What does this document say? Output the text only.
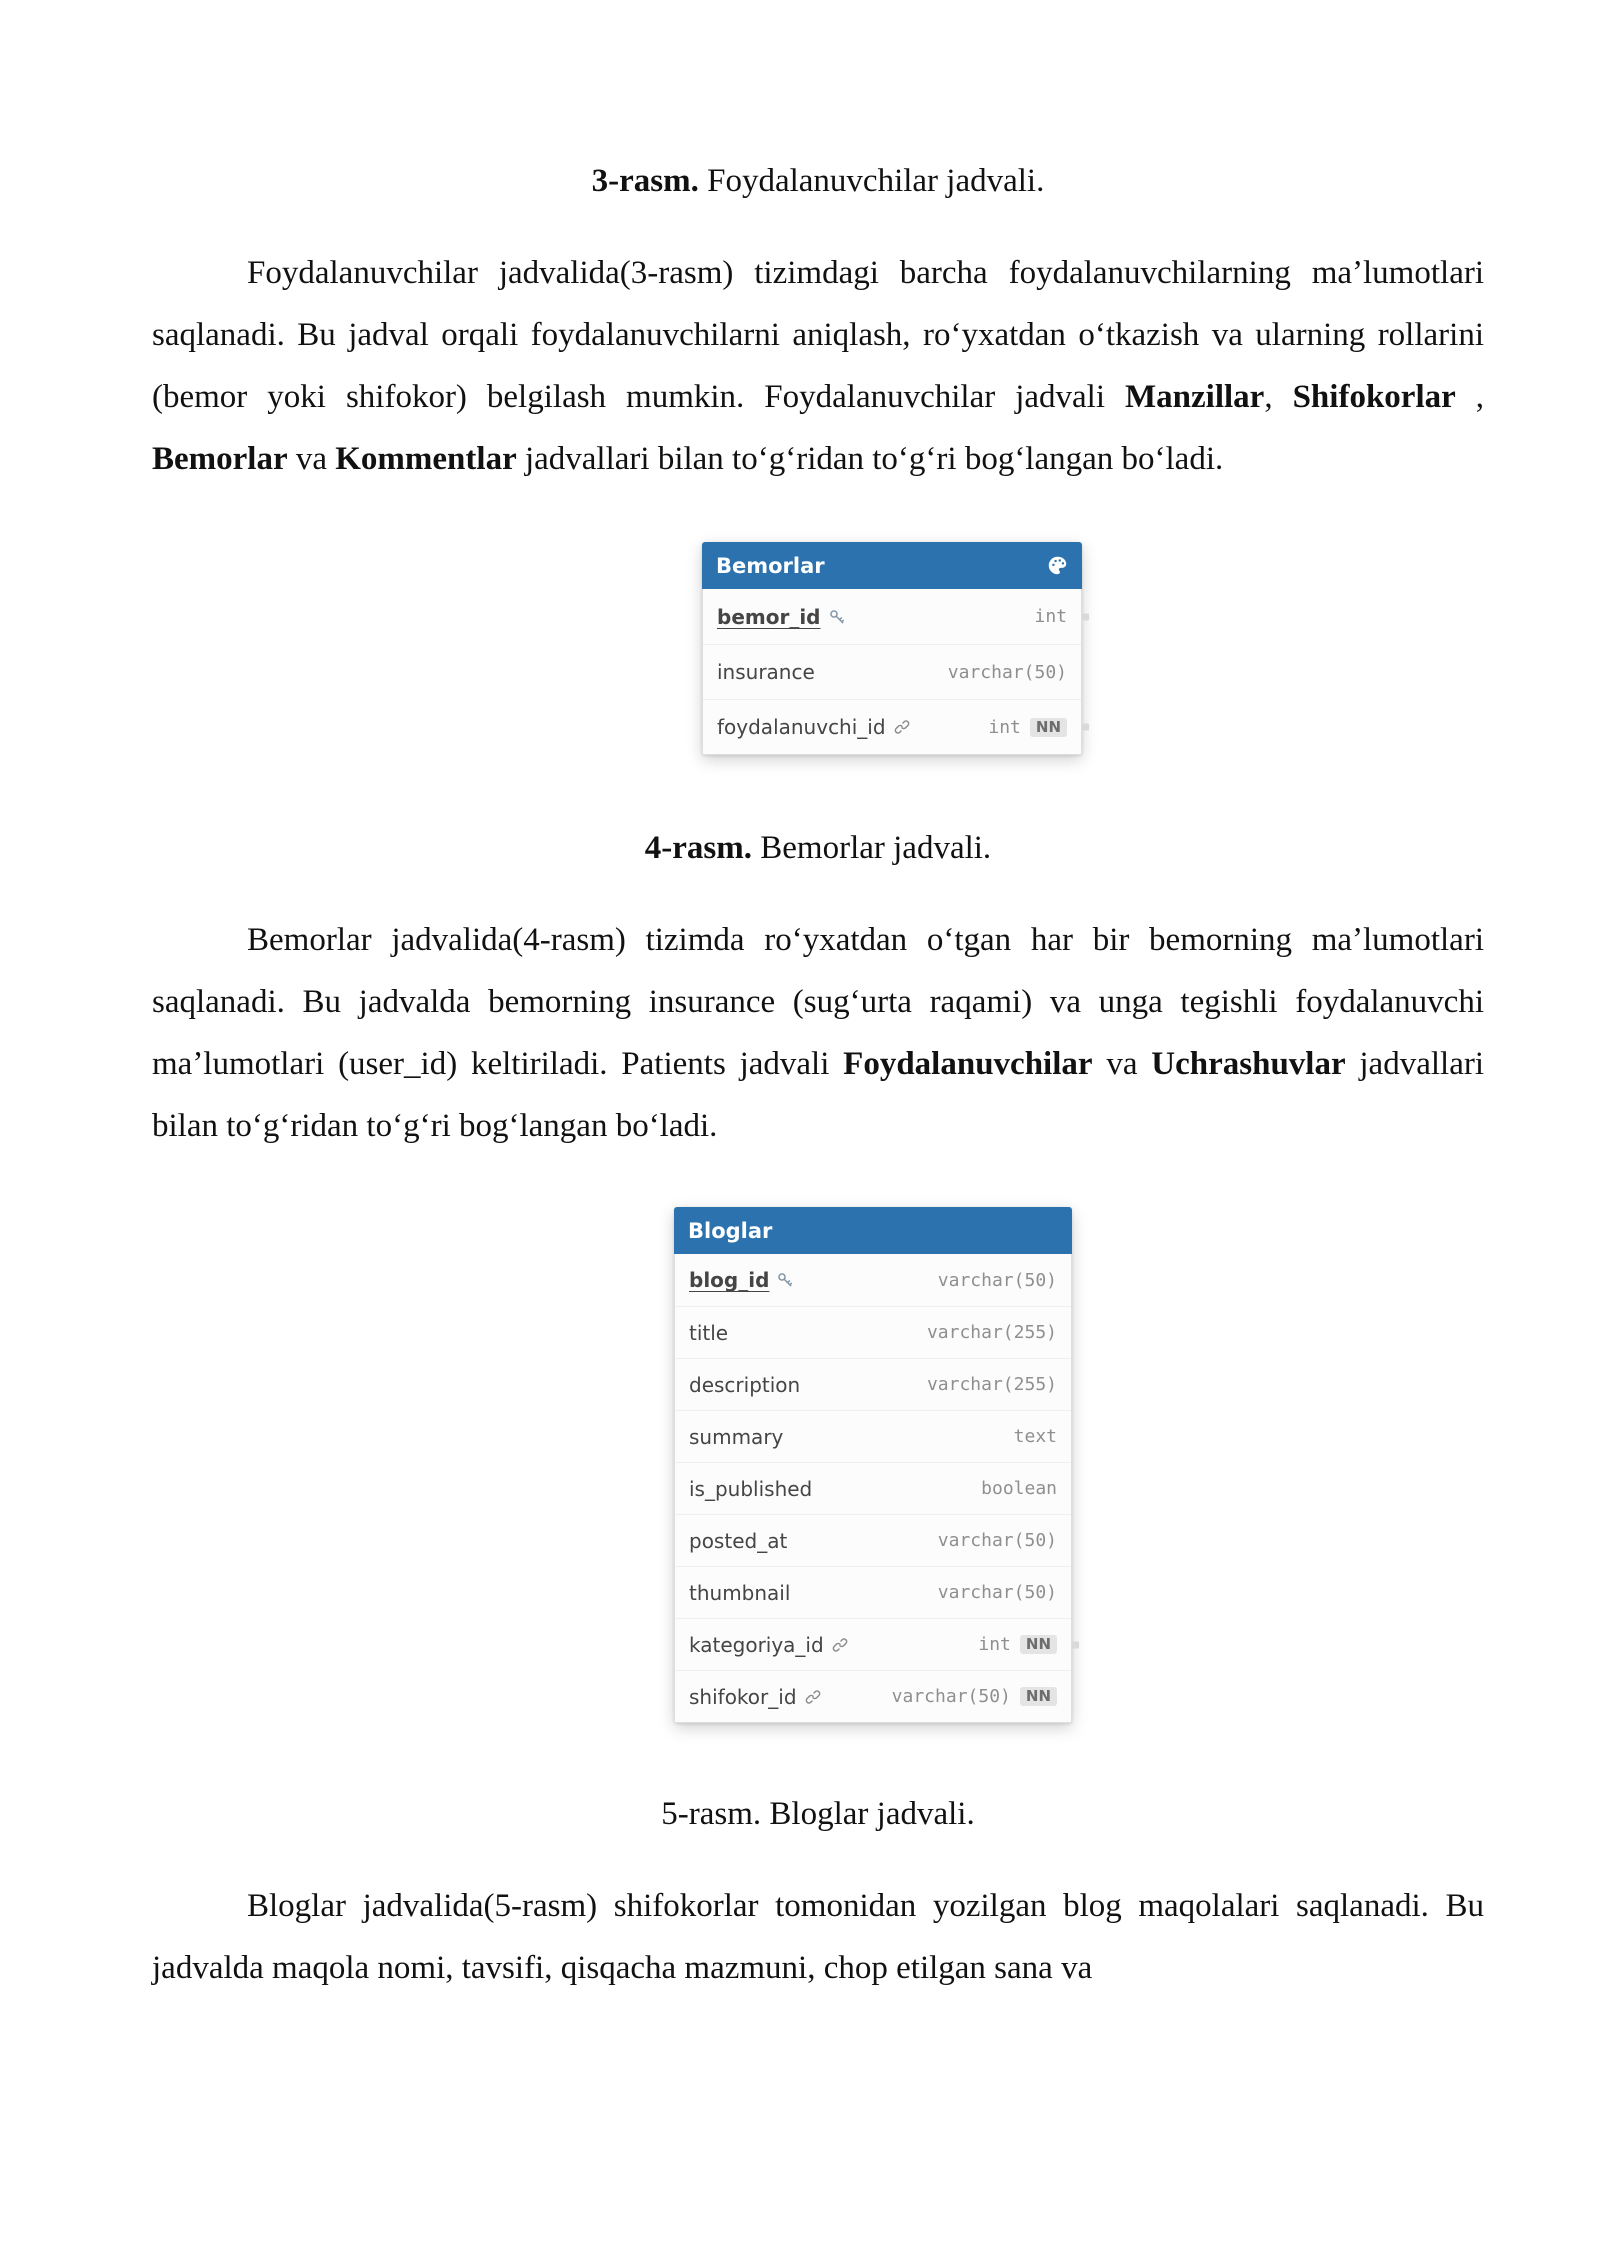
3-rasm. Foydalanuvchilar jadvali.

Foydalanuvchilar jadvalida(3-rasm) tizimdagi barcha foydalanuvchilarning maʼlumotlari saqlanadi. Bu jadval orqali foydalanuvchilarni aniqlash, roʻyxatdan oʻtkazish va ularning rollarini (bemor yoki shifokor) belgilash mumkin. Foydalanuvchilar jadvali Manzillar, Shifokorlar , Bemorlar va Kommentlar jadvallari bilan toʻgʻridan toʻgʻri bogʻlangan boʻladi.

Bemorlar
bemor_id	int
insurance	varchar(50)
foydalanuvchi_id	int	NN
4-rasm. Bemorlar jadvali.

Bemorlar jadvalida(4-rasm) tizimda roʻyxatdan oʻtgan har bir bemorning maʼlumotlari saqlanadi. Bu jadvalda bemorning insurance (sugʻurta raqami) va unga tegishli foydalanuvchi maʼlumotlari (user_id) keltiriladi. Patients jadvali Foydalanuvchilar va Uchrashuvlar jadvallari bilan toʻgʻridan toʻgʻri bogʻlangan boʻladi.

Bloglar
blog_id	varchar(50)
title	varchar(255)
description	varchar(255)
summary	text
is_published	boolean
posted_at	varchar(50)
thumbnail	varchar(50)
kategoriya_id	int	NN
shifokor_id	varchar(50)	NN
5-rasm. Bloglar jadvali.

Bloglar jadvalida(5-rasm) shifokorlar tomonidan yozilgan blog maqolalari saqlanadi. Bu jadvalda maqola nomi, tavsifi, qisqacha mazmuni, chop etilgan sana va
